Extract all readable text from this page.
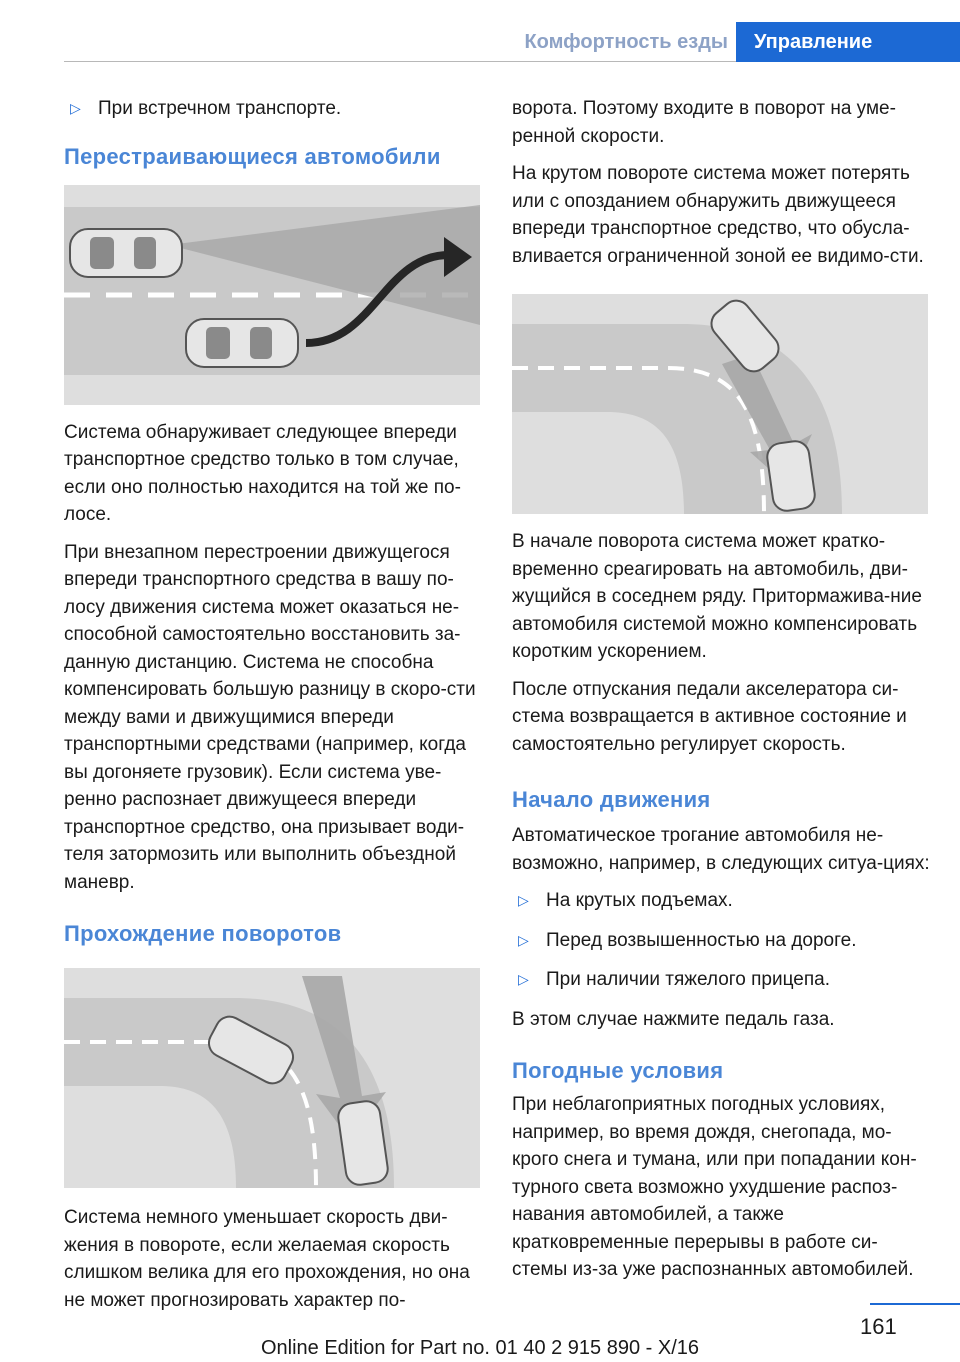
Комфортность езды	Управление
▷ При встречном транспорте.
Перестраивающиеся автомобили

Система обнаруживает следующее впереди транспортное средство только в том случае, если оно полностью находится на той же по-лосе.

При внезапном перестроении движущегося впереди транспортного средства в вашу по-лосу движения система может оказаться не-способной самостоятельно восстановить за-данную дистанцию. Система не способна компенсировать большую разницу в скоро-сти между вами и движущимися впереди транспортными средствами (например, когда вы догоняете грузовик). Если система уве-ренно распознает движущееся впереди транспортное средство, она призывает води-теля затормозить или выполнить объездной маневр.

Прохождение поворотов

Система немного уменьшает скорость дви-жения в повороте, если желаемая скорость слишком велика для его прохождения, но она не может прогнозировать характер по-

ворота. Поэтому входите в поворот на уме-ренной скорости.

На крутом повороте система может потерять или с опозданием обнаружить движущееся впереди транспортное средство, что обусла-вливается ограниченной зоной ее видимо-сти.

В начале поворота система может кратко-временно среагировать на автомобиль, дви-жущийся в соседнем ряду. Притормажива-ние автомобиля системой можно компенсировать коротким ускорением.

После отпускания педали акселератора си-стема возвращается в активное состояние и самостоятельно регулирует скорость.

Начало движения

Автоматическое трогание автомобиля не-возможно, например, в следующих ситуа-циях:

▷ На крутых подъемах.
▷ Перед возвышенностью на дороге.
▷ При наличии тяжелого прицепа.

В этом случае нажмите педаль газа.

Погодные условия

При неблагоприятных погодных условиях, например, во время дождя, снегопада, мо-крого снега и тумана, или при попадании кон-турного света возможно ухудшение распоз-навания автомобилей, а также кратковременные перерывы в работе си-стемы из-за уже распознанных автомобилей.

161
Online Edition for Part no. 01 40 2 915 890 - X/16
